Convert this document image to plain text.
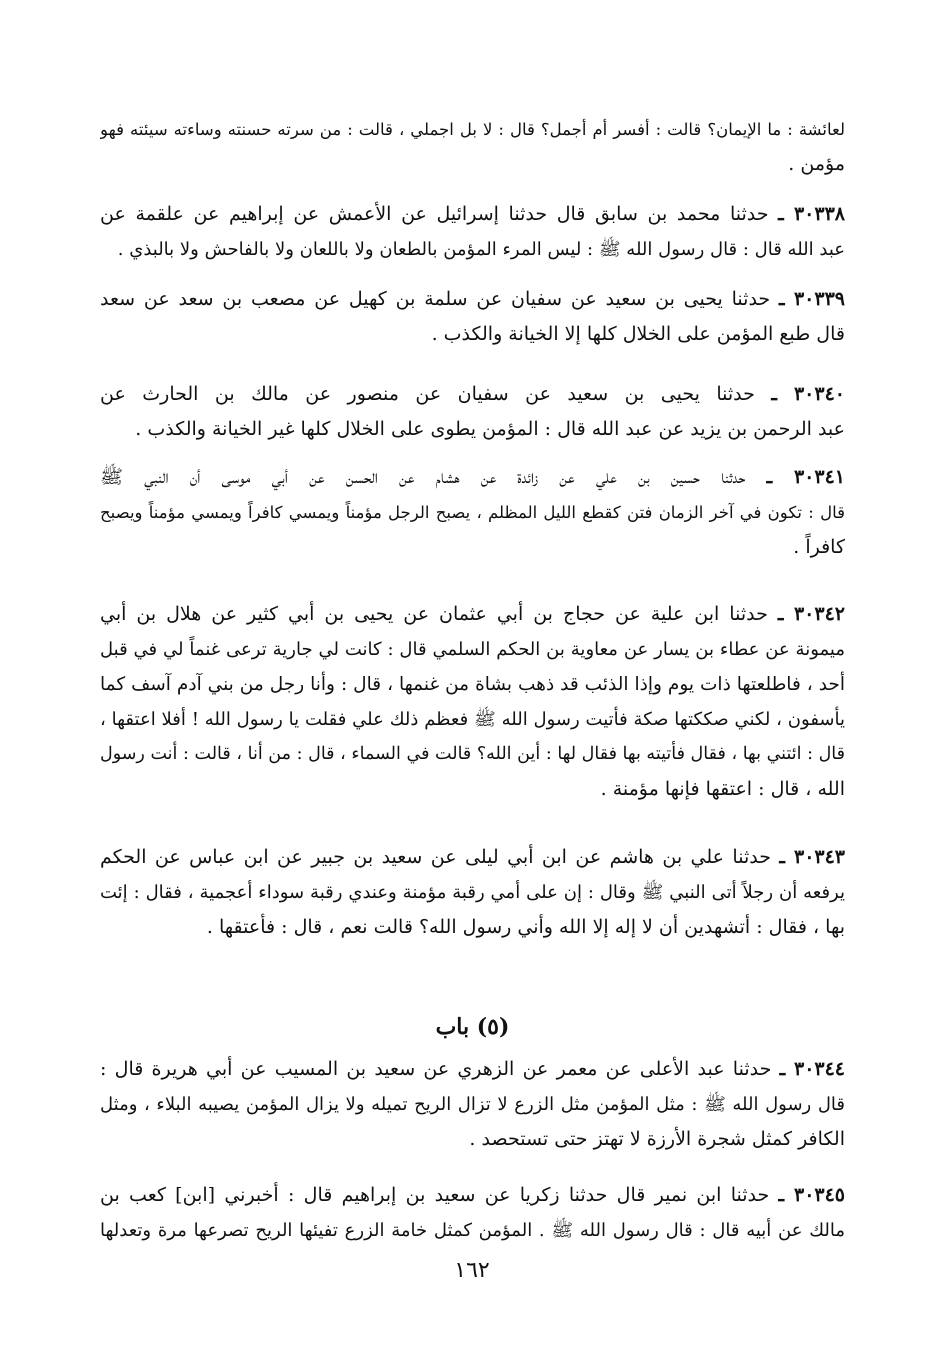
لعائشة : ما الإيمان؟ قالت : أفسر أم أجمل؟ قال : لا بل اجملي ، قالت : من سرته حسنته وساءته سيئته فهو
مؤمن .
٣٠٣٣٨ ـ حدثنا محمد بن سابق قال حدثنا إسرائيل عن الأعمش عن إبراهيم عن علقمة عن
عبد الله قال : قال رسول الله ﷺ : ليس المرء المؤمن بالطعان ولا باللعان ولا بالفاحش ولا بالبذي .
٣٠٣٣٩ ـ حدثنا يحيى بن سعيد عن سفيان عن سلمة بن كهيل عن مصعب بن سعد عن سعد
قال طبع المؤمن على الخلال كلها إلا الخيانة والكذب .
٣٠٣٤٠ ـ حدثنا يحيى بن سعيد عن سفيان عن منصور عن مالك بن الحارث عن
عبد الرحمن بن يزيد عن عبد الله قال : المؤمن يطوى على الخلال كلها غير الخيانة والكذب .
٣٠٣٤١ ـ حدثنا حسين بن علي عن زائدة عن هشام عن الحسن عن أبي موسى أن النبي ﷺ
قال : تكون في آخر الزمان فتن كقطع الليل المظلم ، يصبح الرجل مؤمناً ويمسي كافراً ويمسي مؤمناً ويصبح
كافراً .
٣٠٣٤٢ ـ حدثنا ابن علية عن حجاج بن أبي عثمان عن يحيى بن أبي كثير عن هلال بن أبي
ميمونة عن عطاء بن يسار عن معاوية بن الحكم السلمي قال : كانت لي جارية ترعى غنماً لي في قبل
أحد ، فاطلعتها ذات يوم وإذا الذئب قد ذهب بشاة من غنمها ، قال : وأنا رجل من بني آدم آسف كما
يأسفون ، لكني صككتها صكة فأتيت رسول الله ﷺ فعظم ذلك علي فقلت يا رسول الله ! أفلا اعتقها ،
قال : ائتني بها ، فقال فأتيته بها فقال لها : أين الله؟ قالت في السماء ، قال : من أنا ، قالت : أنت رسول
الله ، قال : اعتقها فإنها مؤمنة .
٣٠٣٤٣ ـ حدثنا علي بن هاشم عن ابن أبي ليلى عن سعيد بن جبير عن ابن عباس عن الحكم
يرفعه أن رجلاً أتى النبي ﷺ وقال : إن على أمي رقبة مؤمنة وعندي رقبة سوداء أعجمية ، فقال : إئت
بها ، فقال : أتشهدين أن لا إله إلا الله وأني رسول الله؟ قالت نعم ، قال : فأعتقها .
(٥) باب
٣٠٣٤٤ ـ حدثنا عبد الأعلى عن معمر عن الزهري عن سعيد بن المسيب عن أبي هريرة قال :
قال رسول الله ﷺ : مثل المؤمن مثل الزرع لا تزال الريح تميله ولا يزال المؤمن يصيبه البلاء ، ومثل
الكافر كمثل شجرة الأرزة لا تهتز حتى تستحصد .
٣٠٣٤٥ ـ حدثنا ابن نمير قال حدثنا زكريا عن سعيد بن إبراهيم قال : أخبرني [ابن] كعب بن
مالك عن أبيه قال : قال رسول الله ﷺ . المؤمن كمثل خامة الزرع تفيئها الريح تصرعها مرة وتعدلها
١٦٢
